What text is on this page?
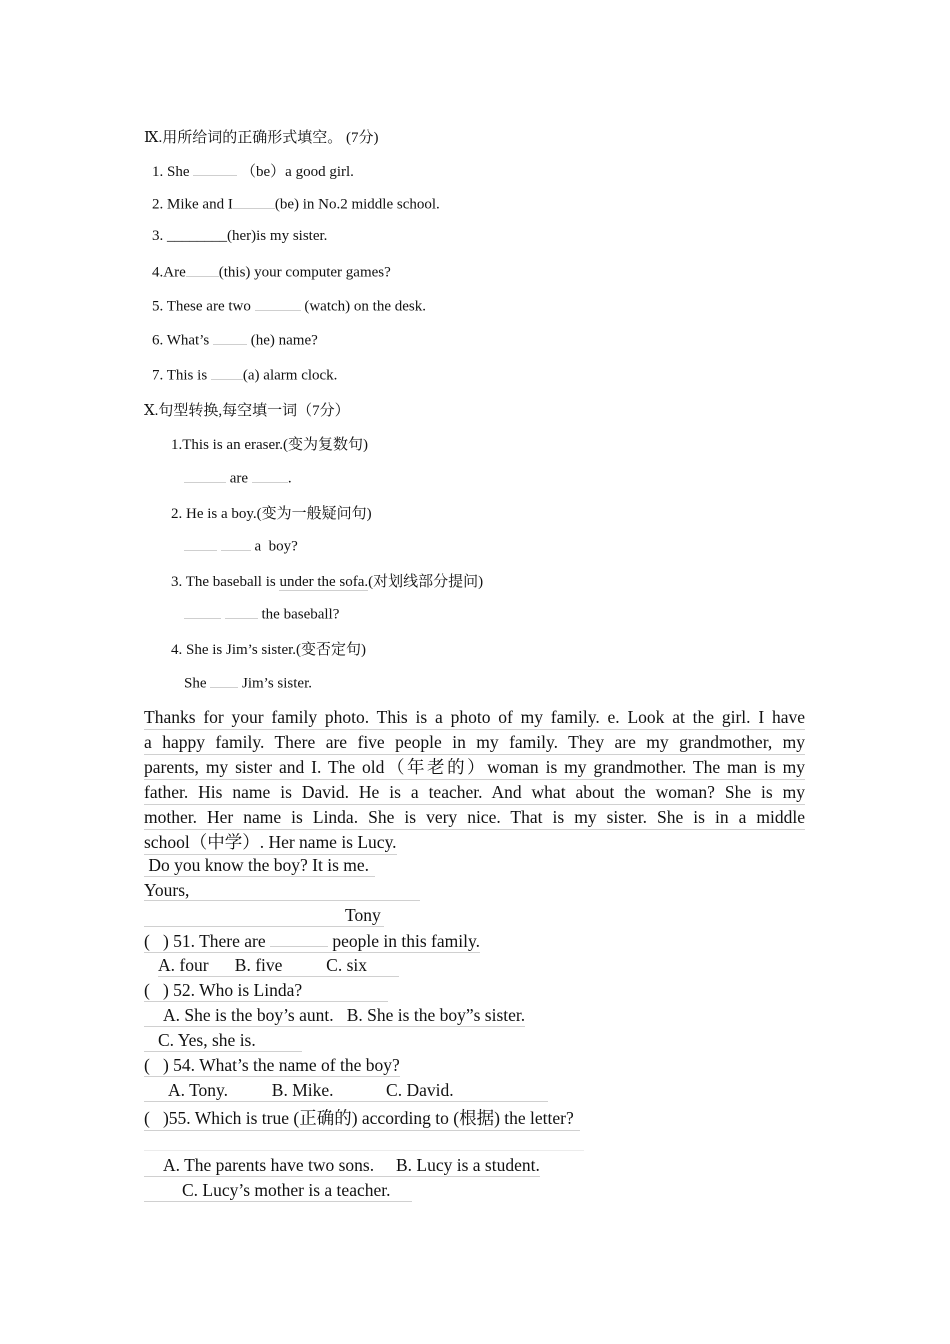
Ⅸ.用所给词的正确形式填空。 (7分)
1. She	（be）a good girl.
2. Mike and I	(be) in No.2 middle school.
3. ________(her)is my sister.
4.Are (this) your computer games?
5. These are two	(watch) on the desk.
6. What’s	(he) name?
7. This is (a) alarm clock.
Ⅹ.句型转换,每空填一词（7分）
1.This is an eraser.(变为复数句)
are	.
2. He is a boy.(变为一般疑问句)
a  boy?
3. The baseball is under the sofa.(对划线部分提问)
the baseball?
4. She is Jim’s sister.(变否定句)
She Jim’s sister.
Thanks for your family photo. This is a photo of my family. e. Look at the girl. I have
a happy family. There are five people in my family. They are my grandmother, my
parents, my sister and I. The old（年老的）woman is my grandmother. The man is my
father. His name is David. He is a teacher. And what about the woman? She is my
mother. Her name is Linda. She is very nice. That is my sister. She is in a middle
school（中学）. Her name is Lucy.
Do you know the boy? It is me.
Yours,
Tony
(   ) 51. There are	people in this family.
A. four      B. five          C. six
(   ) 52. Who is Linda?
A. She is the boy’s aunt.   B. She is the boy”s sister.
C. Yes, she is.
(   ) 54. What’s the name of the boy?
A. Tony.          B. Mike.            C. David.
(   )55. Which is true (正确的) according to (根据) the letter?
A. The parents have two sons.     B. Lucy is a student.
C. Lucy’s mother is a teacher.
